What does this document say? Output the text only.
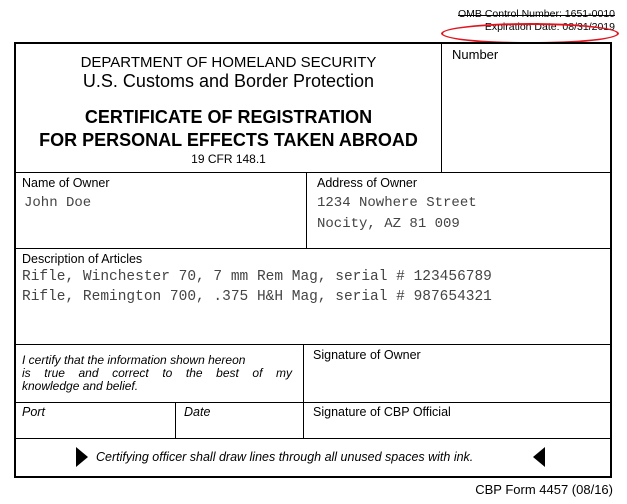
OMB Control Number: 1651-0010
Expiration Date: 08/31/2019
Number
DEPARTMENT OF HOMELAND SECURITY
U.S. Customs and Border Protection
CERTIFICATE OF REGISTRATION
FOR PERSONAL EFFECTS TAKEN ABROAD
19 CFR 148.1
Name of Owner
John Doe
Address of Owner
1234 Nowhere Street
Nocity, AZ 81 009
Description of Articles
Rifle, Winchester 70, 7 mm Rem Mag, serial # 123456789
Rifle, Remington 700, .375 H&H Mag, serial # 987654321
I certify that the information shown hereon
is true and correct to the best of my
knowledge and belief.
Signature of Owner
Port	Date	Signature of CBP Official
Certifying officer shall draw lines through all unused spaces with ink.
CBP Form 4457 (08/16)
